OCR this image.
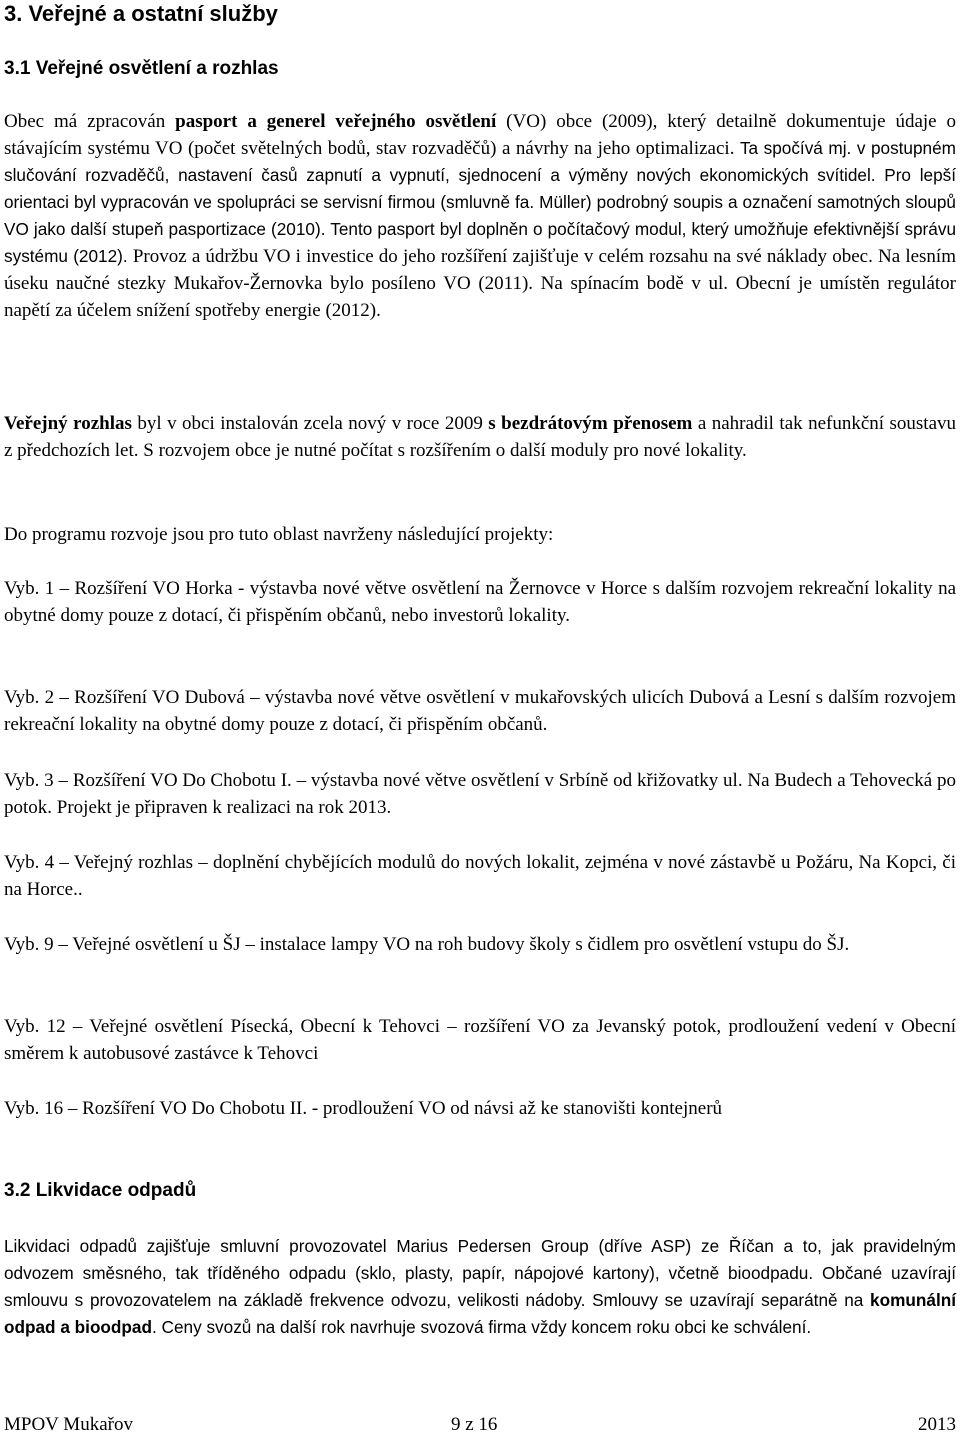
3. Veřejné a ostatní služby
3.1 Veřejné osvětlení a rozhlas

Obec má zpracován pasport a generel veřejného osvětlení (VO) obce (2009), který detailně dokumentuje údaje o stávajícím systému VO (počet světelných bodů, stav rozvaděčů) a návrhy na jeho optimalizaci. Ta spočívá mj. v postupném slučování rozvaděčů, nastavení časů zapnutí a vypnutí, sjednocení a výměny nových ekonomických svítidel. Pro lepší orientaci byl vypracován ve spolupráci se servisní firmou (smluvně fa. Müller) podrobný soupis a označení samotných sloupů VO jako další stupeň pasportizace (2010). Tento pasport byl doplněn o počítačový modul, který umožňuje efektivnější správu systému (2012). Provoz a údržbu VO i investice do jeho rozšíření zajišťuje v celém rozsahu na své náklady obec. Na lesním úseku naučné stezky Mukařov-Žernovka bylo posíleno VO (2011). Na spínacím bodě v ul. Obecní je umístěn regulátor napětí za účelem snížení spotřeby energie (2012).

Veřejný rozhlas byl v obci instalován zcela nový v roce 2009 s bezdrátovým přenosem a nahradil tak nefunkční soustavu z předchozích let. S rozvojem obce je nutné počítat s rozšířením o další moduly pro nové lokality.

Do programu rozvoje jsou pro tuto oblast navrženy následující projekty:

Vyb. 1 – Rozšíření VO Horka - výstavba nové větve osvětlení na Žernovce v Horce s dalším rozvojem rekreační lokality na obytné domy pouze z dotací, či přispěním občanů, nebo investorů lokality.

Vyb. 2 – Rozšíření VO Dubová – výstavba nové větve osvětlení v mukařovských ulicích Dubová a Lesní s dalším rozvojem rekreační lokality na obytné domy pouze z dotací, či přispěním občanů.

Vyb. 3 – Rozšíření VO Do Chobotu I. – výstavba nové větve osvětlení v Srbíně od křižovatky ul. Na Budech a Tehovecká po potok. Projekt je připraven k realizaci na rok 2013.

Vyb. 4 – Veřejný rozhlas – doplnění chybějících modulů do nových lokalit, zejména v nové zástavbě u Požáru, Na Kopci, či na Horce..

Vyb. 9 – Veřejné osvětlení u ŠJ – instalace lampy VO na roh budovy školy s čidlem pro osvětlení vstupu do ŠJ.

Vyb. 12 – Veřejné osvětlení Písecká, Obecní k Tehovci – rozšíření VO za Jevanský potok, prodloužení vedení v Obecní směrem k autobusové zastávce k Tehovci

Vyb. 16 – Rozšíření VO Do Chobotu II. - prodloužení VO od návsi až ke stanovišti kontejnerů

3.2 Likvidace odpadů

Likvidaci odpadů zajišťuje smluvní provozovatel Marius Pedersen Group (dříve ASP) ze Říčan a to, jak pravidelným odvozem směsného, tak tříděného odpadu (sklo, plasty, papír, nápojové kartony), včetně bioodpadu. Občané uzavírají smlouvu s provozovatelem na základě frekvence odvozu, velikosti nádoby. Smlouvy se uzavírají separátně na komunální odpad a bioodpad. Ceny svozů na další rok navrhuje svozová firma vždy koncem roku obci ke schválení.

MPOV Mukařov	9 z 16	2013
